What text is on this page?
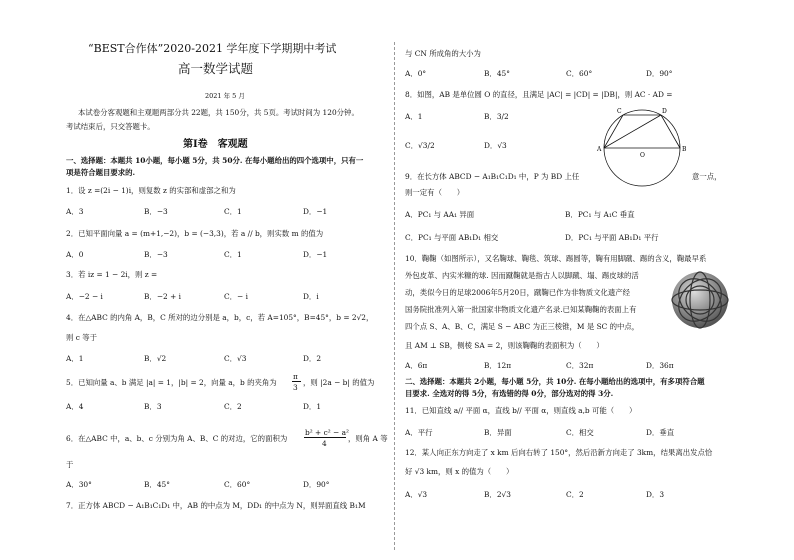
“BEST合作体”2020-2021 学年度下学期期中考试
高一数学试题
2021 年 5 月
本试卷分客观题和主观题两部分共 22题，共 150分，共 5页。考试时间为 120分钟。
考试结束后，只交答题卡。
第Ⅰ卷　客观题
一、选择题：本题共 10小题，每小题 5分，共 50分. 在每小题给出的四个选项中，只有一
项是符合题目要求的.
1．设 z =(2i − 1)i，则复数 z 的实部和虚部之和为
A．3	B．−3	C．1	D．−1
2．已知平面向量 a = (m+1,−2)，b = (−3,3)，若 a // b，则实数 m 的值为
A．0	B．−3	C．1	D．−1
3．若 iz = 1 − 2i，则 z =
A．−2 − i	B．−2 + i	C．− i	D．i
4．在△ABC 的内角 A，B，C 所对的边分别是 a，b，c，若 A=105°，B=45°，b = 2√2，
则 c 等于
A．1	B．√2	C．√3	D．2
5．已知向量 a、b 满足 |a| = 1，|b| = 2，向量 a，b 的夹角为
π
3
，则 |2a − b| 的值为
A．4	B．3	C．2	D．1
6．在△ABC 中，a、b、c 分别为角 A、B、C 的对边，它的面积为
b² + c² − a²
4
，则角 A 等
于
A．30°	B．45°	C．60°	D．90°
7．正方体 ABCD − A₁B₁C₁D₁ 中，AB 的中点为 M，DD₁ 的中点为 N，则异面直线 B₁M
与 CN 所成角的大小为
A．0°	B．45°	C．60°	D．90°
8．如图，AB 是单位圆 O 的直径，且满足 |AC| = |CD| = |DB|，则 AC · AD =
A．1	B．3/2
C．√3/2	D．√3	A	B
C	D
O
9．在长方体 ABCD − A₁B₁C₁D₁ 中，P 为 BD 上任	意一点，
则一定有（　　）
A．PC₁ 与 AA₁ 异面	B．PC₁ 与 A₁C 垂直
C．PC₁ 与平面 AB₁D₁ 相交	D．PC₁ 与平面 AB₁D₁ 平行
10．鞠鞠（如图所示），又名鞠球、鞠毯、筑球、踢圆等，鞠有用脚蹴、踢的含义，鞠最早系
外包皮革、内实米糠的球. 因而蹴鞠就是指古人以脚蹴、塌、踢皮球的活
动，类似今日的足球2006年5月20日，蹴鞠已作为非物质文化遗产经
国务院批准列入第一批国家非物质文化遗产名录.已知某鞠鞠的表面上有
四个点 S、A、B、C，满足 S − ABC 为正三棱锥，M 是 SC 的中点，
且 AM ⊥ SB，侧棱 SA = 2，则该鞠鞠的表面积为（　　）
A．6π	B．12π	C．32π	D．36π
二、选择题：本题共 2小题，每小题 5分，共 10分. 在每小题给出的选项中，有多项符合题
目要求. 全选对的得 5分，有选错的得 0分，部分选对的得 3分.
11．已知直线 a// 平面 α，直线 b// 平面 α，则直线 a,b 可能（　　）
A．平行	B．异面	C．相交	D．垂直
12．某人向正东方向走了 x km 后向右转了 150°，然后沿新方向走了 3km，结果离出发点恰
好 √3 km，则 x 的值为（　　）
A．√3	B．2√3	C．2	D．3
